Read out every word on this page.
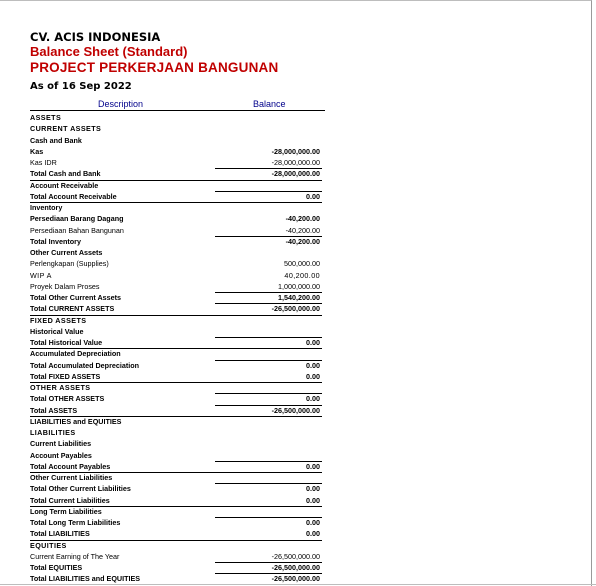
CV. ACIS INDONESIA
Balance Sheet (Standard)
PROJECT PERKERJAAN BANGUNAN
As of 16 Sep 2022
Description	Balance
ASSETS
CURRENT ASSETS
Cash and Bank
Kas	-28,000,000.00
Kas IDR	-28,000,000.00
Total Cash and Bank	-28,000,000.00
Account Receivable
Total Account Receivable	0.00
Inventory
Persediaan Barang Dagang	-40,200.00
Persediaan Bahan Bangunan	-40,200.00
Total Inventory	-40,200.00
Other Current Assets
Perlengkapan (Supplies)	500,000.00
WIP A	40,200.00
Proyek Dalam Proses	1,000,000.00
Total Other Current Assets	1,540,200.00
Total CURRENT ASSETS	-26,500,000.00
FIXED ASSETS
Historical Value
Total Historical Value	0.00
Accumulated Depreciation
Total Accumulated Depreciation	0.00
Total FIXED ASSETS	0.00
OTHER ASSETS
Total OTHER ASSETS	0.00
Total ASSETS	-26,500,000.00
LIABILITIES and EQUITIES
LIABILITIES
Current Liabilities
Account Payables
Total Account Payables	0.00
Other Current Liabilities
Total Other Current Liabilities	0.00
Total Current Liabilities	0.00
Long Term Liabilities
Total Long Term Liabilities	0.00
Total LIABILITIES	0.00
EQUITIES
Current Earning of The Year	-26,500,000.00
Total EQUITIES	-26,500,000.00
Total LIABILITIES and EQUITIES	-26,500,000.00
